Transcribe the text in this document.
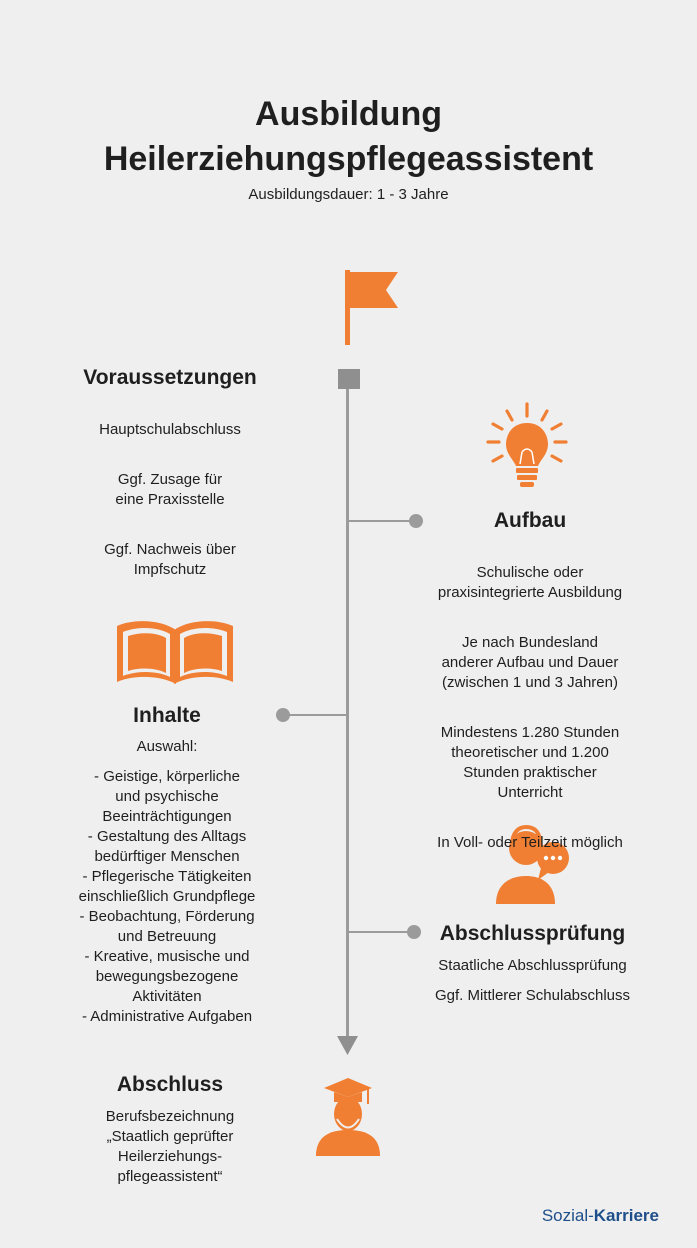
Ausbildung
Heilerziehungspflegeassistent
Ausbildungsdauer: 1 - 3 Jahre
Voraussetzungen

Hauptschulabschluss

Ggf. Zusage für
eine Praxisstelle

Ggf. Nachweis über
Impfschutz

Aufbau

Schulische oder
praxisintegrierte Ausbildung

Je nach Bundesland
anderer Aufbau und Dauer
(zwischen 1 und 3 Jahren)

Mindestens 1.280 Stunden
theoretischer und 1.200
Stunden praktischer
Unterricht

In Voll- oder Teilzeit möglich

Inhalte
Auswahl:
- Geistige, körperliche
und psychische
Beeinträchtigungen
- Gestaltung des Alltags
bedürftiger Menschen
- Pflegerische Tätigkeiten
einschließlich Grundpflege
- Beobachtung, Förderung
und Betreuung
- Kreative, musische und
bewegungsbezogene
Aktivitäten
- Administrative Aufgaben
Abschlussprüfung
Staatliche Abschlussprüfung
Ggf. Mittlerer Schulabschluss
Abschluss
Berufsbezeichnung
„Staatlich geprüfter
Heilerziehungs-
pflegeassistent“
Sozial-Karriere
